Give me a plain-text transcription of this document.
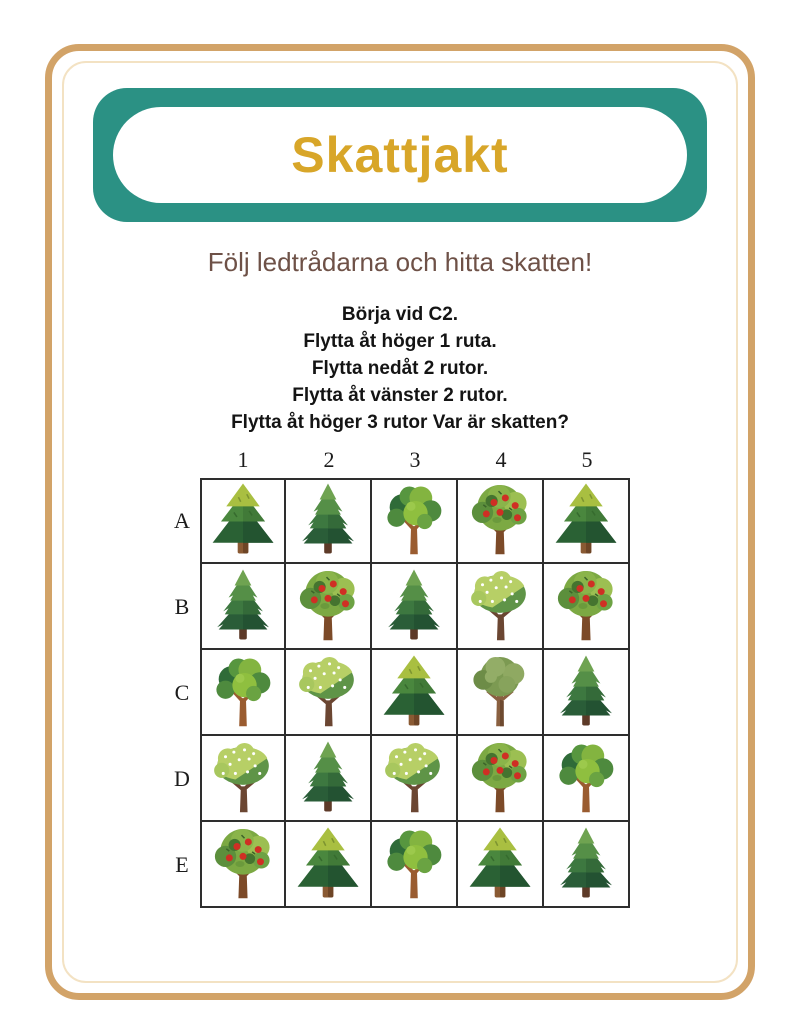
Skattjakt

Följ ledtrådarna och hitta skatten!

Börja vid C2.

Flytta åt höger 1 ruta.

Flytta nedåt 2 rutor.

Flytta åt vänster 2 rutor.

Flytta åt höger 3 rutor Var är skatten?

1	2	3	4	5
A
B
C
D
E
